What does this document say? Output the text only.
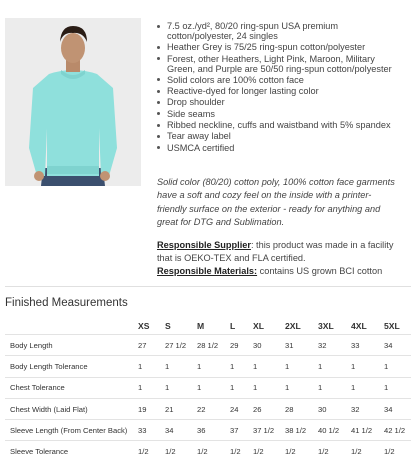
7.5 oz./yd², 80/20 ring-spun USA premium cotton/polyester, 24 singles
Heather Grey is 75/25 ring-spun cotton/polyester
Forest, other Heathers, Light Pink, Maroon, Military Green, and Purple are 50/50 ring-spun cotton/polyester
Solid colors are 100% cotton face
Reactive-dyed for longer lasting color
Drop shoulder
Side seams
Ribbed neckline, cuffs and waistband with 5% spandex
Tear away label
USMCA certified
Solid color (80/20) cotton poly, 100% cotton face garments have a soft and cozy feel on the inside with a printer-friendly surface on the exterior - ready for anything and great for DTG and Sublimation.
Responsible Supplier: this product was made in a facility that is OEKO-TEX and FLA certified.
Responsible Materials: contains US grown BCI cotton
Finished Measurements
	XS	S	M	L	XL	2XL	3XL	4XL	5XL
Body Length	27	27 1/2	28 1/2	29	30	31	32	33	34
Body Length Tolerance	1	1	1	1	1	1	1	1	1
Chest Tolerance	1	1	1	1	1	1	1	1	1
Chest Width (Laid Flat)	19	21	22	24	26	28	30	32	34
Sleeve Length (From Center Back)	33	34	36	37	37 1/2	38 1/2	40 1/2	41 1/2	42 1/2
Sleeve Tolerance	1/2	1/2	1/2	1/2	1/2	1/2	1/2	1/2	1/2
